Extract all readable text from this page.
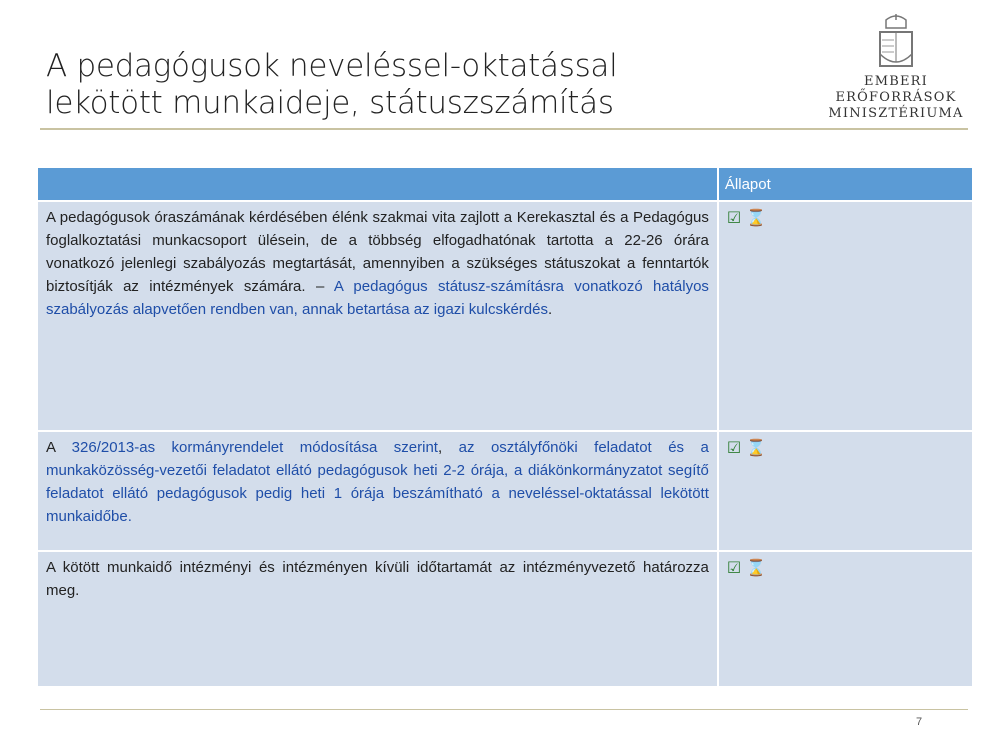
A pedagógusok neveléssel-oktatással
lekötött munkaideje, státuszszámítás
EMBERI ERŐFORRÁSOK
MINISZTÉRIUMA
	Állapot
A pedagógusok óraszámának kérdésében élénk szakmai vita zajlott a Kerekasztal és a Pedagógus foglalkoztatási munkacsoport ülésein, de a többség elfogadhatónak tartotta a 22-26 órára vonatkozó jelenlegi szabályozás megtartását, amennyiben a szükséges státuszokat a fenntartók biztosítják az intézmények számára. – A pedagógus státusz-számításra vonatkozó hatályos szabályozás alapvetően rendben van, annak betartása az igazi kulcskérdés.	☑ ⌛
A 326/2013-as kormányrendelet módosítása szerint, az osztályfőnöki feladatot és a munkaközösség-vezetői feladatot ellátó pedagógusok heti 2-2 órája, a diákönkormányzatot segítő feladatot ellátó pedagógusok pedig heti 1 órája beszámítható a neveléssel-oktatással lekötött munkaidőbe.	☑ ⌛
A kötött munkaidő intézményi és intézményen kívüli időtartamát az intézményvezető határozza meg.	☑ ⌛
7
